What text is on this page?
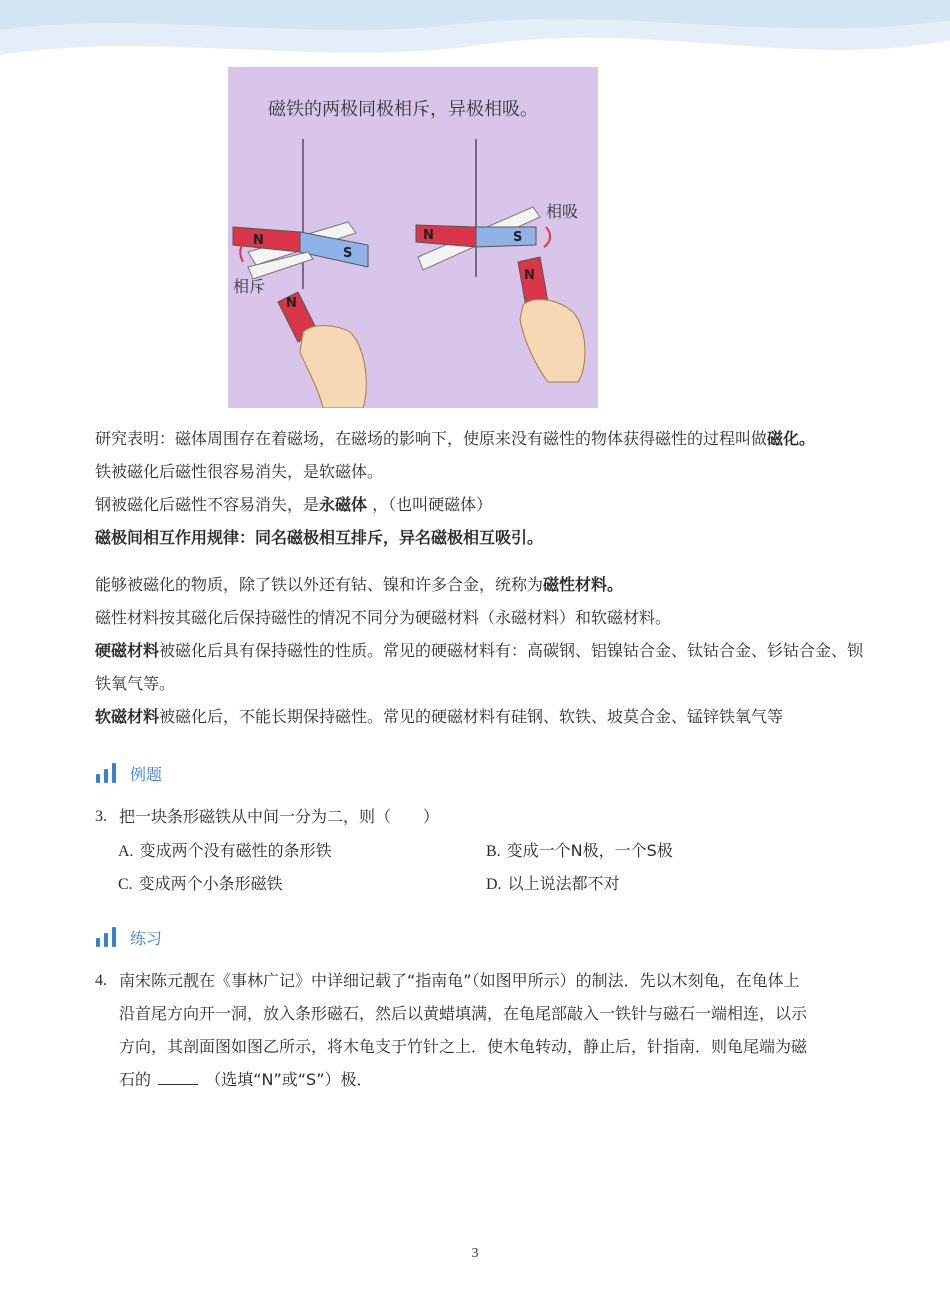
磁铁的两极同极相斥，异极相吸。
N
S
相斥
N
N	S
相吸
N

研究表明：磁体周围存在着磁场，在磁场的影响下，使原来没有磁性的物体获得磁性的过程叫做磁化。

铁被磁化后磁性很容易消失，是软磁体。

钢被磁化后磁性不容易消失，是永磁体 ，（也叫硬磁体）

磁极间相互作用规律：同名磁极相互排斥，异名磁极相互吸引。

能够被磁化的物质，除了铁以外还有钴、镍和许多合金，统称为磁性材料。

磁性材料按其磁化后保持磁性的情况不同分为硬磁材料（永磁材料）和软磁材料。

硬磁材料被磁化后具有保持磁性的性质。常见的硬磁材料有：高碳钢、铝镍钴合金、钛钴合金、钐钴合金、钡铁氧气等。

软磁材料被磁化后，不能长期保持磁性。常见的硬磁材料有硅钢、软铁、坡莫合金、锰锌铁氧气等

例题
3. 把一块条形磁铁从中间一分为二，则（　　）
A. 变成两个没有磁性的条形铁	B. 变成一个N极，一个S极
C. 变成两个小条形磁铁	D. 以上说法都不对
练习
4. 南宋陈元靓在《事林广记》中详细记载了“指南龟”（如图甲所示）的制法．先以木刻龟，在龟体上
沿首尾方向开一洞，放入条形磁石，然后以黄蜡填满，在龟尾部敲入一铁针与磁石一端相连，以示
方向，其剖面图如图乙所示，将木龟支于竹针之上．使木龟转动，静止后，针指南．则龟尾端为磁
石的	（选填“N”或“S”）极．
3
